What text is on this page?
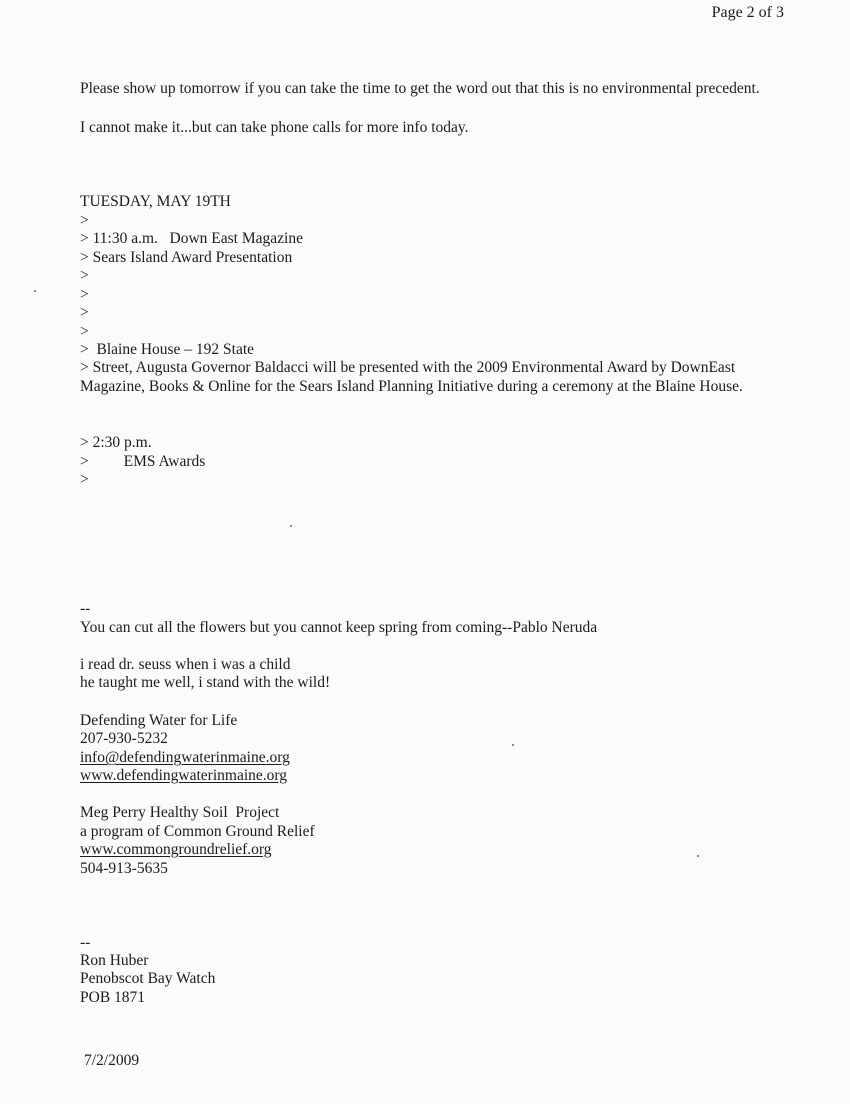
Page 2 of 3

Please show up tomorrow if you can take the time to get the word out that this is no environmental precedent.

I cannot make it...but can take phone calls for more info today.

TUESDAY, MAY 19TH

>

> 11:30 a.m.   Down East Magazine

> Sears Island Award Presentation

>

>

>

>

>  Blaine House – 192 State

> Street, Augusta Governor Baldacci will be presented with the 2009 Environmental Award by DownEast Magazine, Books & Online for the Sears Island Planning Initiative during a ceremony at the Blaine House.

> 2:30 p.m.

>         EMS Awards

>

--

You can cut all the flowers but you cannot keep spring from coming--Pablo Neruda

i read dr. seuss when i was a child

he taught me well, i stand with the wild!

Defending Water for Life

207-930-5232

info@defendingwaterinmaine.org

www.defendingwaterinmaine.org

Meg Perry Healthy Soil  Project

a program of Common Ground Relief

www.commongroundrelief.org

504-913-5635

--

Ron Huber

Penobscot Bay Watch

POB 1871

7/2/2009
